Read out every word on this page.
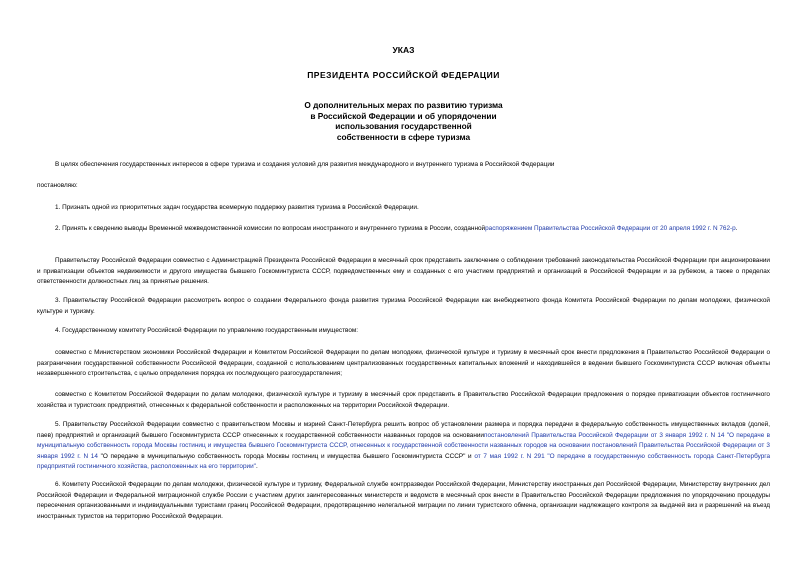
УКАЗ
ПРЕЗИДЕНТА РОССИЙСКОЙ ФЕДЕРАЦИИ
О дополнительных мерах по развитию туризма
в Российской Федерации и об упорядочении
использования государственной
собственности в сфере туризма
В целях обеспечения государственных интересов в сфере туризма и создания условий для развития международного и внутреннего туризма в Российской Федерации
постановляю:
1. Признать одной из приоритетных задач государства всемерную поддержку развития туризма в Российской Федерации.
2. Принять к сведению выводы Временной межведомственной комиссии по вопросам иностранного и внутреннего туризма в России, созданнойраспоряжением Правительства Российской Федерации от 20 апреля 1992 г. N 762-р.
Правительству Российской Федерации совместно с Администрацией Президента Российской Федерации в месячный срок представить заключение о соблюдении требований законодательства Российской Федерации при акционировании и приватизации объектов недвижимости и другого имущества бывшего Госкоминтуриста СССР, подведомственных ему и созданных с его участием предприятий и организаций в Российской Федерации и за рубежом, а также о пределах ответственности должностных лиц за принятые решения.
3. Правительству Российской Федерации рассмотреть вопрос о создании Федерального фонда развития туризма Российской Федерации как внебюджетного фонда Комитета Российской Федерации по делам молодежи, физической культуре и туризму.
4. Государственному комитету Российской Федерации по управлению государственным имуществом:
совместно с Министерством экономики Российской Федерации и Комитетом Российской Федерации по делам молодежи, физической культуре и туризму в месячный срок внести предложения в Правительство Российской Федерации о разграничении государственной собственности Российской Федерации, созданной с использованием централизованных государственных капитальных вложений и находившейся в ведении бывшего Госкоминтуриста СССР включая объекты незавершенного строительства, с целью определения порядка их последующего разгосударствления;
совместно с Комитетом Российской Федерации по делам молодежи, физической культуре и туризму в месячный срок представить в Правительство Российской Федерации предложения о порядке приватизации объектов гостиничного хозяйства и туристских предприятий, отнесенных к федеральной собственности и расположенных на территории Российской Федерации.
5. Правительству Российской Федерации совместно с правительством Москвы и мэрией Санкт-Петербурга решить вопрос об установлении размера и порядка передачи в федеральную собственность имущественных вкладов (долей, паев) предприятий и организаций бывшего Госкоминтуриста СССР отнесенных к государственной собственности названных городов на основаниипостановлений Правительства Российской Федерации от 3 января 1992 г. N 14 "О передаче в муниципальную собственность города Москвы гостиниц и имущества бывшего Госкоминтуриста СССР, отнесенных к государственной собственности названных городов на основании постановлений Правительства Российской Федерации от 3 января 1992 г. N 14 "О передаче в муниципальную собственность города Москвы гостиниц и имущества бывшего Госкоминтуриста СССР" и от 7 мая 1992 г. N 291 "О передаче в государственную собственность города Санкт-Петербурга предприятий гостиничного хозяйства, расположенных на его территории".
6. Комитету Российской Федерации по делам молодежи, физической культуре и туризму, Федеральной службе контрразведки Российской Федерации, Министерству иностранных дел Российской Федерации, Министерству внутренних дел Российской Федерации и Федеральной миграционной службе России с участием других заинтересованных министерств и ведомств в месячный срок внести в Правительство Российской Федерации предложения по упорядочению процедуры пересечения организованными и индивидуальными туристами границ Российской Федерации, предотвращению нелегальной миграции по линии туристского обмена, организации надлежащего контроля за выдачей виз и разрешений на въезд иностранных туристов на территорию Российской Федерации.
